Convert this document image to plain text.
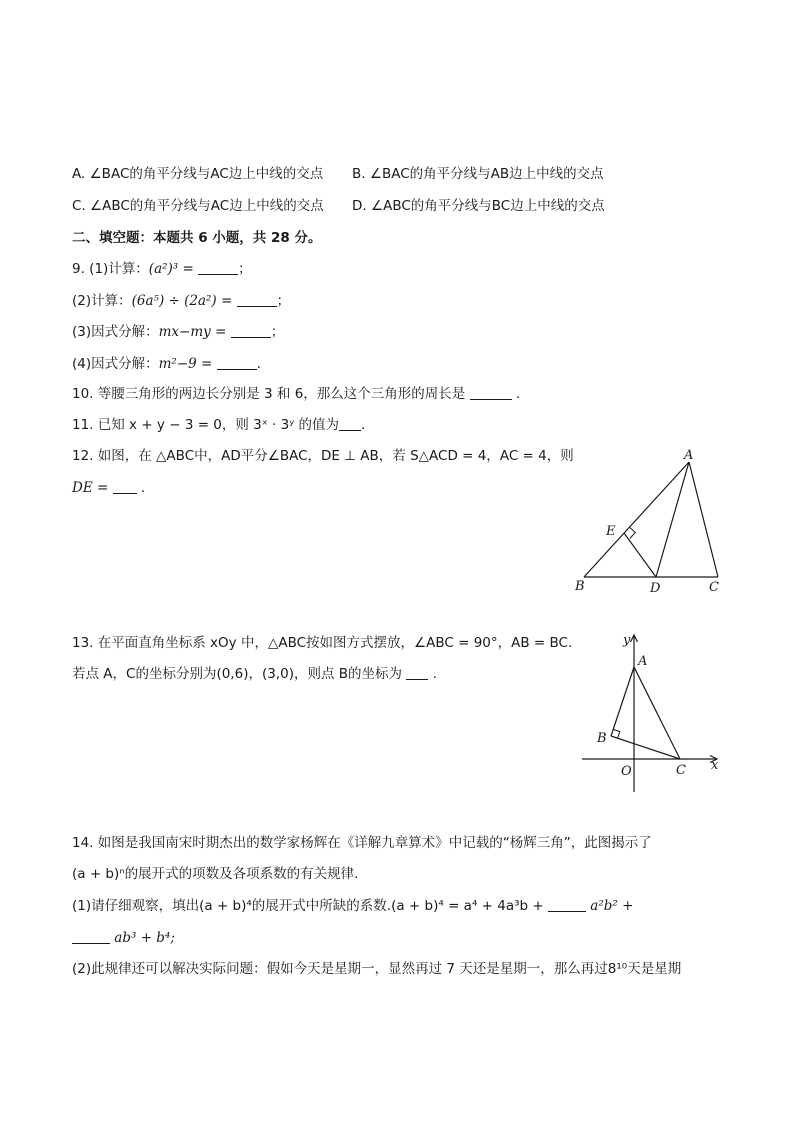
A. ∠BAC的角平分线与AC边上中线的交点 B. ∠BAC的角平分线与AB边上中线的交点
C. ∠ABC的角平分线与AC边上中线的交点 D. ∠ABC的角平分线与BC边上中线的交点
二、填空题：本题共 6 小题，共 28 分。
9. (1)计算：(a²)³ =	；
(2)计算：(6a⁵) ÷ (2a²) =	；
(3)因式分解：mx−my =	；
(4)因式分解：m²−9 =	.
10. 等腰三角形的两边长分别是 3 和 6，那么这个三角形的周长是	.
11. 已知 x + y − 3 = 0，则 3ˣ · 3ʸ 的值为 .
12. 如图，在 △ABC中，AD平分∠BAC，DE ⊥ AB，若 S△ACD = 4，AC = 4，则
DE =  .
A
B	C
D
E
13. 在平面直角坐标系 xOy 中，△ABC按如图方式摆放，∠ABC = 90°，AB = BC.
若点 A，C的坐标分别为(0,6)，(3,0)，则点 B的坐标为  .
y
x
O
A
B
C
14. 如图是我国南宋时期杰出的数学家杨辉在《详解九章算术》中记载的“杨辉三角”，此图揭示了
(a + b)ⁿ的展开式的项数及各项系数的有关规律.
(1)请仔细观察，填出(a + b)⁴的展开式中所缺的系数.(a + b)⁴ = a⁴ + 4a³b +	a²b² +
ab³ + b⁴;
(2)此规律还可以解决实际问题：假如今天是星期一，显然再过 7 天还是星期一，那么再过8¹⁰天是星期
